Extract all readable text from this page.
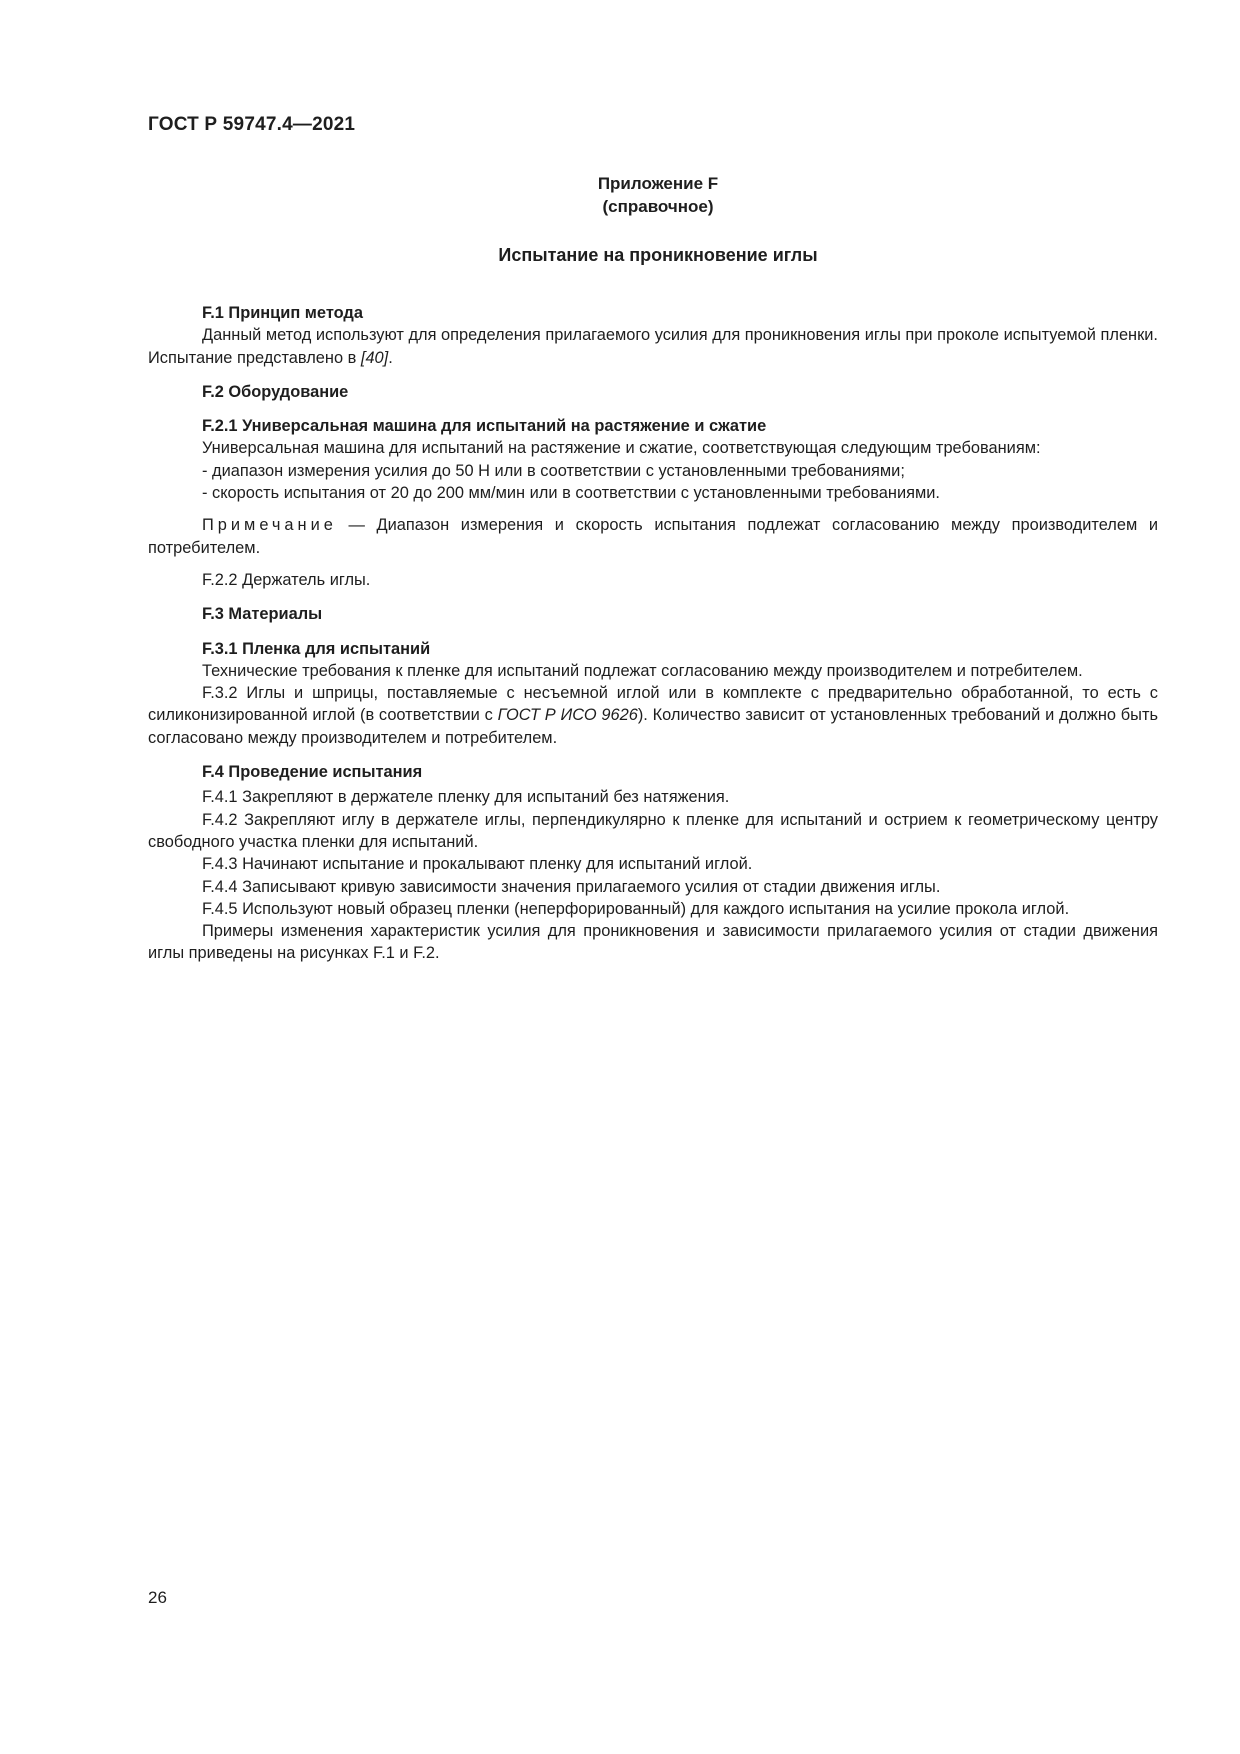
ГОСТ Р 59747.4—2021
Приложение F
(справочное)
Испытание на проникновение иглы

F.1 Принцип метода

Данный метод используют для определения прилагаемого усилия для проникновения иглы при проколе испытуемой пленки. Испытание представлено в [40].

F.2 Оборудование

F.2.1 Универсальная машина для испытаний на растяжение и сжатие

Универсальная машина для испытаний на растяжение и сжатие, соответствующая следующим требованиям:

- диапазон измерения усилия до 50 Н или в соответствии с установленными требованиями;

- скорость испытания от 20 до 200 мм/мин или в соответствии с установленными требованиями.

Примечание — Диапазон измерения и скорость испытания подлежат согласованию между производителем и потребителем.

F.2.2 Держатель иглы.

F.3 Материалы

F.3.1 Пленка для испытаний

Технические требования к пленке для испытаний подлежат согласованию между производителем и потребителем.

F.3.2 Иглы и шприцы, поставляемые с несъемной иглой или в комплекте с предварительно обработанной, то есть с силиконизированной иглой (в соответствии с ГОСТ Р ИСО 9626). Количество зависит от установленных требований и должно быть согласовано между производителем и потребителем.

F.4 Проведение испытания

F.4.1 Закрепляют в держателе пленку для испытаний без натяжения.

F.4.2 Закрепляют иглу в держателе иглы, перпендикулярно к пленке для испытаний и острием к геометрическому центру свободного участка пленки для испытаний.

F.4.3 Начинают испытание и прокалывают пленку для испытаний иглой.

F.4.4 Записывают кривую зависимости значения прилагаемого усилия от стадии движения иглы.

F.4.5 Используют новый образец пленки (неперфорированный) для каждого испытания на усилие прокола иглой.

Примеры изменения характеристик усилия для проникновения и зависимости прилагаемого усилия от стадии движения иглы приведены на рисунках F.1 и F.2.

26
